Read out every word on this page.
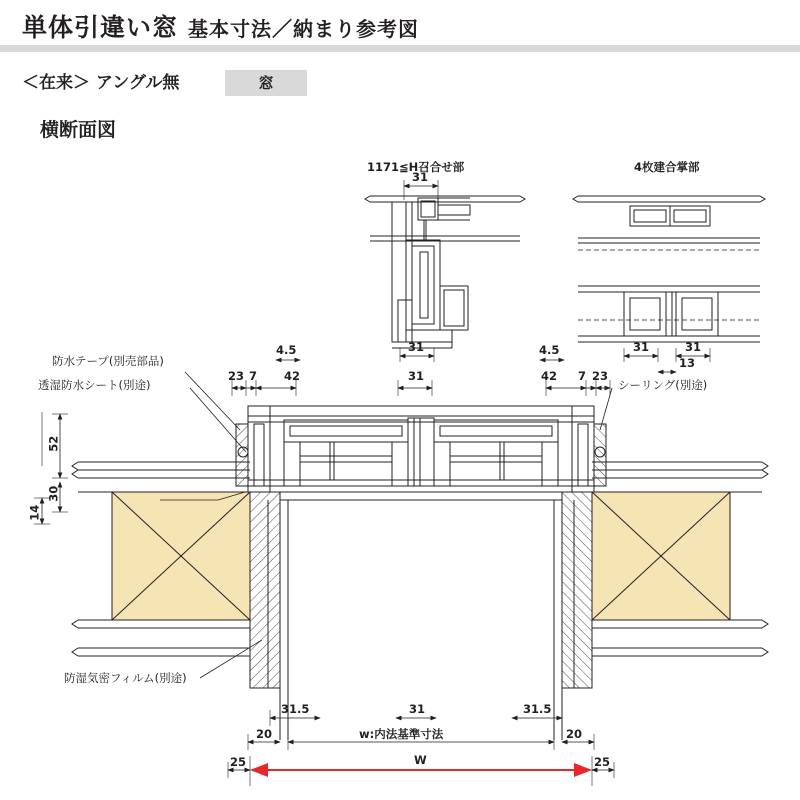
単体引違い窓 基本寸法／納まり参考図
＜在来＞ アングル無	窓
横断面図
1171≦H召合せ部	4枚建合掌部
31
31	31	31
13
4.5
23 7 42	31
4.5
42 7 23
52
30
14
防水テープ(別売部品)
透湿防水シート(別途)	シーリング(別途)
防湿気密フィルム(別途)
31.5	31	31.5
20	20
w:内法基準寸法
25	25
W
